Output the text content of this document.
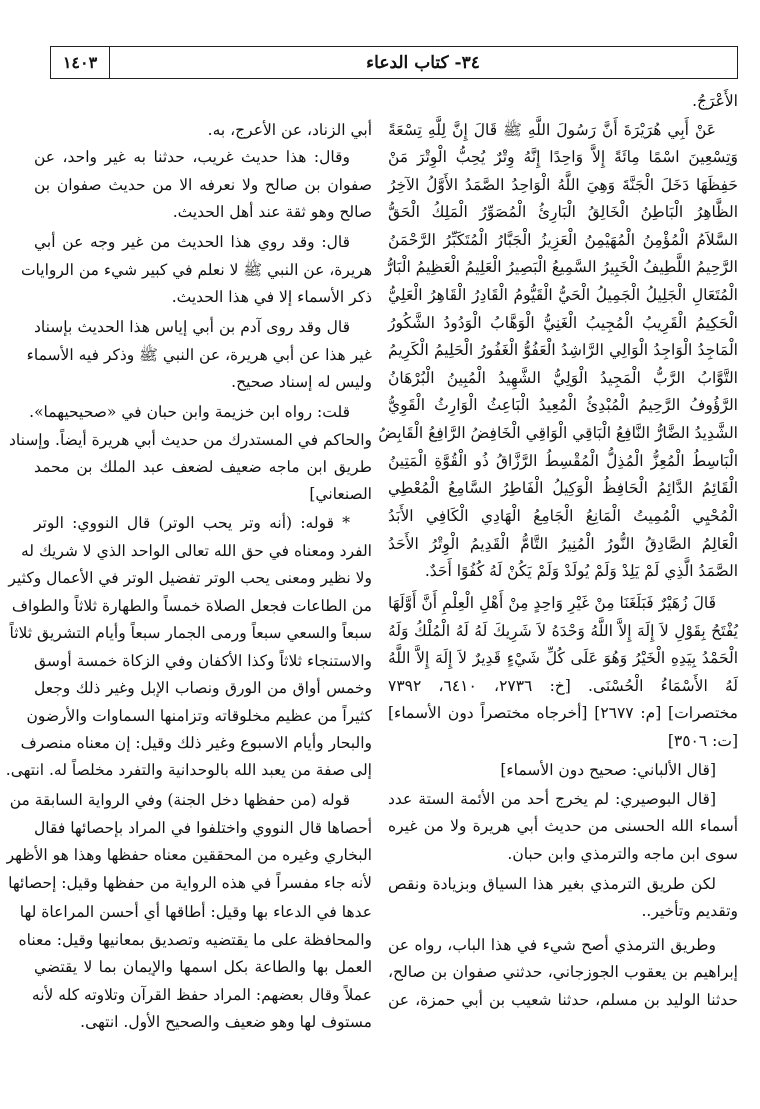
١٤٠٣	٣٤- كتاب الدعاء
الأَعْرَجُ.
عَنْ أَبِي هُرَيْرَةَ أَنَّ رَسُولَ اللَّهِ ﷺ قَالَ إِنَّ لِلَّهِ تِسْعَةً
وَتِسْعِينَ اسْمًا مِائَةً إِلاَّ وَاحِدًا إِنَّهُ وِتْرٌ يُحِبُّ الْوِتْرَ مَنْ
حَفِظَهَا دَخَلَ الْجَنَّةَ وَهِيَ اللَّهُ الْوَاحِدُ الصَّمَدُ الأَوَّلُ الآخِرُ
الظَّاهِرُ الْبَاطِنُ الْخَالِقُ الْبَارِئُ الْمُصَوِّرُ الْمَلِكُ الْحَقُّ
السَّلاَمُ الْمُؤْمِنُ الْمُهَيْمِنُ الْعَزِيزُ الْجَبَّارُ الْمُتَكَبِّرُ الرَّحْمَنُ
الرَّحِيمُ اللَّطِيفُ الْخَبِيرُ السَّمِيعُ الْبَصِيرُ الْعَلِيمُ الْعَظِيمُ الْبَارُّ
الْمُتَعَالِ الْجَلِيلُ الْجَمِيلُ الْحَيُّ الْقَيُّومُ الْقَادِرُ الْقَاهِرُ الْعَلِيُّ
الْحَكِيمُ الْقَرِيبُ الْمُجِيبُ الْغَنِيُّ الْوَهَّابُ الْوَدُودُ الشَّكُورُ
الْمَاجِدُ الْوَاجِدُ الْوَالِي الرَّاشِدُ الْعَفُوُّ الْغَفُورُ الْحَلِيمُ الْكَرِيمُ
التَّوَّابُ الرَّبُّ الْمَجِيدُ الْوَلِيُّ الشَّهِيدُ الْمُبِينُ الْبُرْهَانُ
الرَّؤُوفُ الرَّحِيمُ الْمُبْدِئُ الْمُعِيدُ الْبَاعِثُ الْوَارِثُ الْقَوِيُّ
الشَّدِيدُ الضَّارُّ النَّافِعُ الْبَاقِي الْوَاقِي الْخَافِضُ الرَّافِعُ الْقَابِضُ
الْبَاسِطُ الْمُعِزُّ الْمُذِلُّ الْمُقْسِطُ الرَّزَّاقُ ذُو الْقُوَّةِ الْمَتِينُ
الْقَائِمُ الدَّائِمُ الْحَافِظُ الْوَكِيلُ الْفَاطِرُ السَّامِعُ الْمُعْطِي
الْمُحْيِي الْمُمِيتُ الْمَانِعُ الْجَامِعُ الْهَادِي الْكَافِي الأَبَدُ
الْعَالِمُ الصَّادِقُ النُّورُ الْمُنِيرُ التَّامُّ الْقَدِيمُ الْوِتْرُ الأَحَدُ
الصَّمَدُ الَّذِي لَمْ يَلِدْ وَلَمْ يُولَدْ وَلَمْ يَكُنْ لَهُ كُفُوًا أَحَدٌ.
قَالَ زُهَيْرٌ فَبَلَغَنَا مِنْ غَيْرِ وَاحِدٍ مِنْ أَهْلِ الْعِلْمِ أَنَّ أَوَّلَهَا
يُفْتَحُ بِقَوْلِ لاَ إِلَهَ إِلاَّ اللَّهُ وَحْدَهُ لاَ شَرِيكَ لَهُ لَهُ الْمُلْكُ وَلَهُ
الْحَمْدُ بِيَدِهِ الْخَيْرُ وَهُوَ عَلَى كُلِّ شَيْءٍ قَدِيرٌ لاَ إِلَهَ إِلاَّ اللَّهُ
لَهُ الأَسْمَاءُ الْحُسْنَى. [خ: ٢٧٣٦، ٦٤١٠، ٧٣٩٢
مختصرات] [م: ٢٦٧٧] [أخرجاه مختصراً دون الأسماء]
[ت: ٣٥٠٦]
[قال الألباني: صحيح دون الأسماء]
[قال البوصيري: لم يخرج أحد من الأئمة الستة عدد
أسماء الله الحسنى من حديث أبي هريرة ولا من غيره
سوى ابن ماجه والترمذي وابن حبان.
لكن طريق الترمذي بغير هذا السياق وبزيادة ونقص
وتقديم وتأخير..
وطريق الترمذي أصح شيء في هذا الباب، رواه عن
إبراهيم بن يعقوب الجوزجاني، حدثني صفوان بن صالح،
حدثنا الوليد بن مسلم، حدثنا شعيب بن أبي حمزة، عن
أبي الزناد، عن الأعرج، به.
وقال: هذا حديث غريب، حدثنا به غير واحد، عن
صفوان بن صالح ولا نعرفه الا من حديث صفوان بن
صالح وهو ثقة عند أهل الحديث.
قال: وقد روي هذا الحديث من غير وجه عن أبي
هريرة، عن النبي ﷺ لا نعلم في كبير شيء من الروايات
ذكر الأسماء إلا في هذا الحديث.
قال وقد روى آدم بن أبي إياس هذا الحديث بإسناد
غير هذا عن أبي هريرة، عن النبي ﷺ وذكر فيه الأسماء
وليس له إسناد صحيح.
قلت: رواه ابن خزيمة وابن حبان في «صحيحيهما».
والحاكم في المستدرك من حديث أبي هريرة أيضاً. وإسناد
طريق ابن ماجه ضعيف لضعف عبد الملك بن محمد
الصنعاني]
* قوله: (أنه وتر يحب الوتر) قال النووي: الوتر
الفرد ومعناه في حق الله تعالى الواحد الذي لا شريك له
ولا نظير ومعنى يحب الوتر تفضيل الوتر في الأعمال وكثير
من الطاعات فجعل الصلاة خمساً والطهارة ثلاثاً والطواف
سبعاً والسعي سبعاً ورمى الجمار سبعاً وأيام التشريق ثلاثاً
والاستنجاء ثلاثاً وكذا الأكفان وفي الزكاة خمسة أوسق
وخمس أواق من الورق ونصاب الإبل وغير ذلك وجعل
كثيراً من عظيم مخلوقاته وتزامنها السماوات والأرضون
والبحار وأيام الاسبوع وغير ذلك وقيل: إن معناه منصرف
إلى صفة من يعبد الله بالوحدانية والتفرد مخلصاً له. انتهى.
قوله (من حفظها دخل الجنة) وفي الرواية السابقة من
أحصاها قال النووي واختلفوا في المراد بإحصائها فقال
البخاري وغيره من المحققين معناه حفظها وهذا هو الأظهر
لأنه جاء مفسراً في هذه الرواية من حفظها وقيل: إحصائها
عدها في الدعاء بها وقيل: أطاقها أي أحسن المراعاة لها
والمحافظة على ما يقتضيه وتصديق بمعانيها وقيل: معناه
العمل بها والطاعة بكل اسمها والإيمان بما لا يقتضي
عملاً وقال بعضهم: المراد حفظ القرآن وتلاوته كله لأنه
مستوف لها وهو ضعيف والصحيح الأول. انتهى.
